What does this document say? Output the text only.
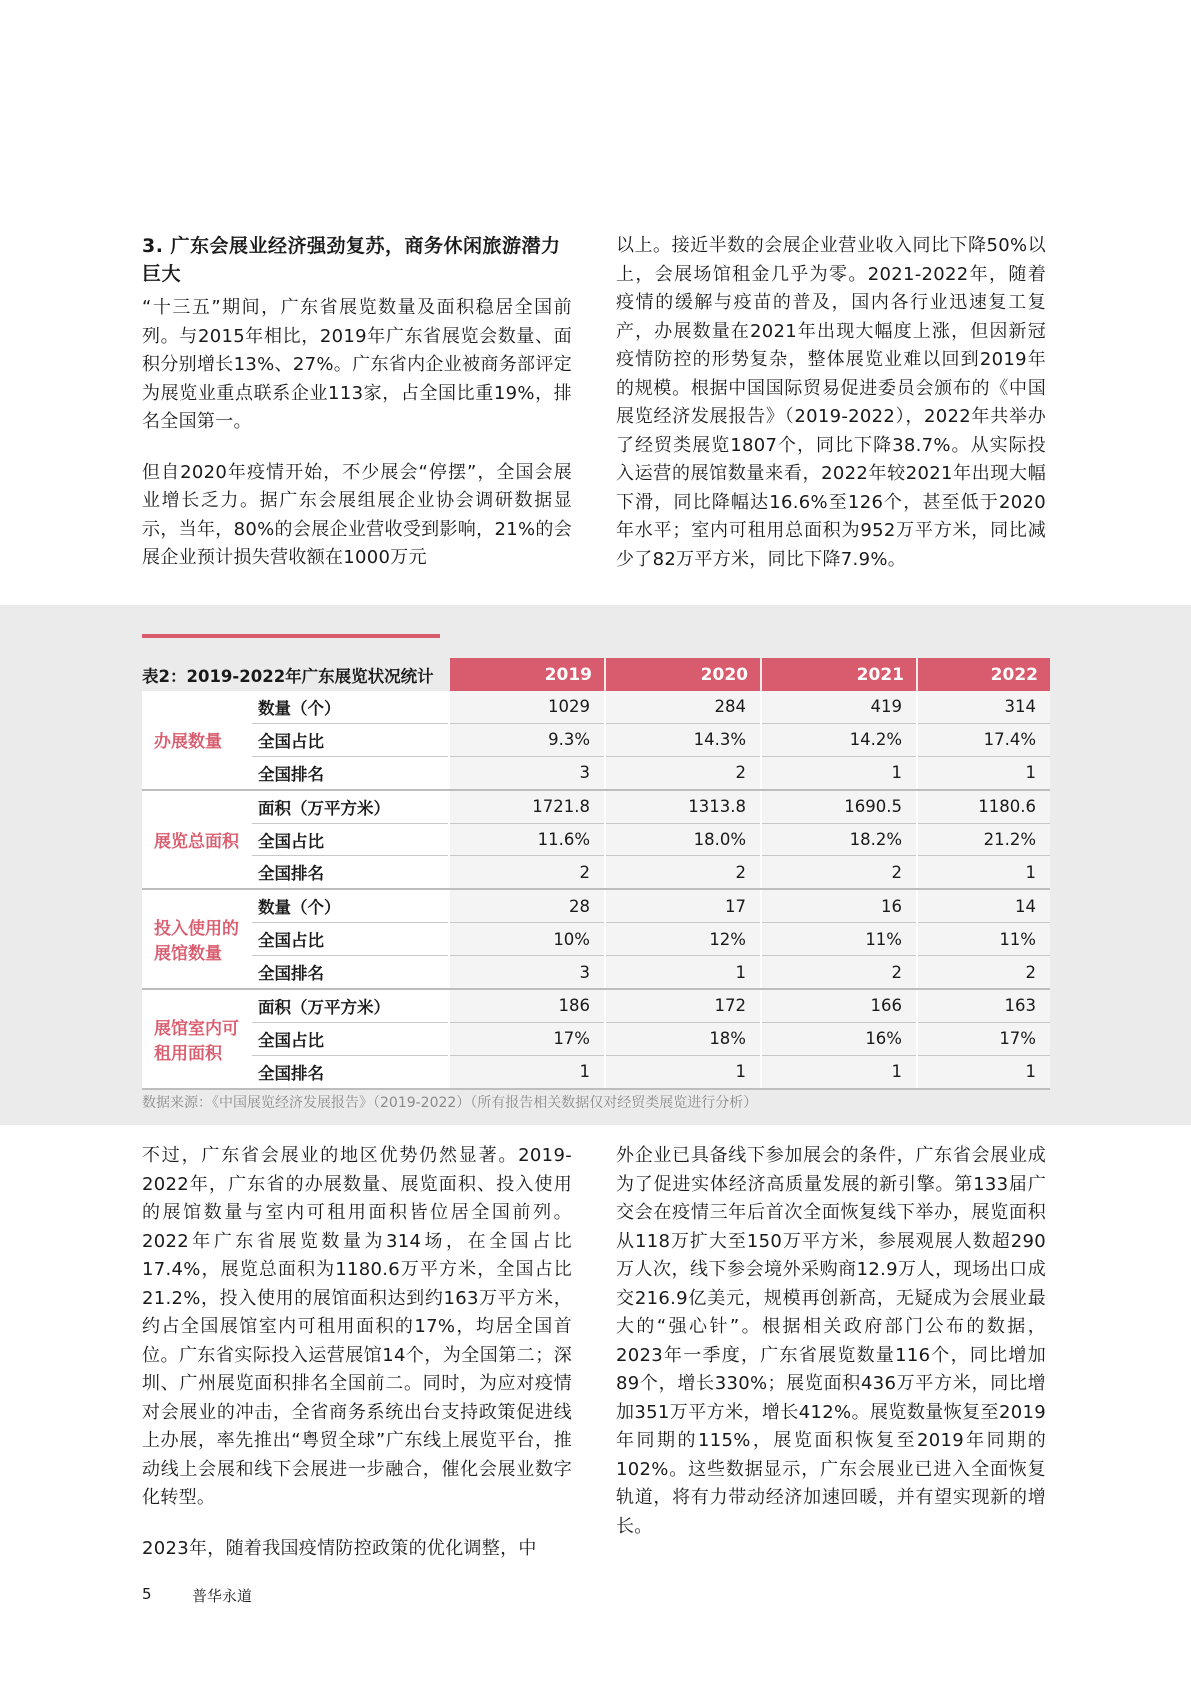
3. 广东会展业经济强劲复苏，商务休闲旅游潜力巨大

“十三五”期间，广东省展览数量及面积稳居全国前列。与2015年相比，2019年广东省展览会数量、面积分别增长13%、27%。广东省内企业被商务部评定为展览业重点联系企业113家，占全国比重19%，排名全国第一。

但自2020年疫情开始，不少展会“停摆”，全国会展业增长乏力。据广东会展组展企业协会调研数据显示，当年，80%的会展企业营收受到影响，21%的会展企业预计损失营收额在1000万元

以上。接近半数的会展企业营业收入同比下降50%以上，会展场馆租金几乎为零。2021-2022年，随着疫情的缓解与疫苗的普及，国内各行业迅速复工复产，办展数量在2021年出现大幅度上涨，但因新冠疫情防控的形势复杂，整体展览业难以回到2019年的规模。根据中国国际贸易促进委员会颁布的《中国展览经济发展报告》（2019-2022），2022年共举办了经贸类展览1807个，同比下降38.7%。从实际投入运营的展馆数量来看，2022年较2021年出现大幅下滑，同比降幅达16.6%至126个，甚至低于2020年水平；室内可租用总面积为952万平方米，同比减少了82万平方米，同比下降7.9%。

表2：2019-2022年广东展览状况统计		2019	2020	2021	2022
办展数量	数量（个）	1029	284	419	314
	全国占比	9.3%	14.3%	14.2%	17.4%
	全国排名	3	2	1	1
展览总面积	面积（万平方米）	1721.8	1313.8	1690.5	1180.6
	全国占比	11.6%	18.0%	18.2%	21.2%
	全国排名	2	2	2	1
投入使用的展馆数量	数量（个）	28	17	16	14
	全国占比	10%	12%	11%	11%
	全国排名	3	1	2	2
展馆室内可租用面积	面积（万平方米）	186	172	166	163
	全国占比	17%	18%	16%	17%
	全国排名	1	1	1	1
数据来源：《中国展览经济发展报告》（2019-2022）（所有报告相关数据仅对经贸类展览进行分析）

不过，广东省会展业的地区优势仍然显著。2019-2022年，广东省的办展数量、展览面积、投入使用的展馆数量与室内可租用面积皆位居全国前列。2022年广东省展览数量为314场，在全国占比17.4%，展览总面积为1180.6万平方米，全国占比21.2%，投入使用的展馆面积达到约163万平方米，约占全国展馆室内可租用面积的17%，均居全国首位。广东省实际投入运营展馆14个，为全国第二；深圳、广州展览面积排名全国前二。同时，为应对疫情对会展业的冲击，全省商务系统出台支持政策促进线上办展，率先推出“粤贸全球”广东线上展览平台，推动线上会展和线下会展进一步融合，催化会展业数字化转型。

2023年，随着我国疫情防控政策的优化调整，中

外企业已具备线下参加展会的条件，广东省会展业成为了促进实体经济高质量发展的新引擎。第133届广交会在疫情三年后首次全面恢复线下举办，展览面积从118万扩大至150万平方米，参展观展人数超290万人次，线下参会境外采购商12.9万人，现场出口成交216.9亿美元，规模再创新高，无疑成为会展业最大的“强心针”。根据相关政府部门公布的数据，2023年一季度，广东省展览数量116个，同比增加89个，增长330%；展览面积436万平方米，同比增加351万平方米，增长412%。展览数量恢复至2019年同期的115%，展览面积恢复至2019年同期的102%。这些数据显示，广东会展业已进入全面恢复轨道，将有力带动经济加速回暖，并有望实现新的增长。

5	普华永道
